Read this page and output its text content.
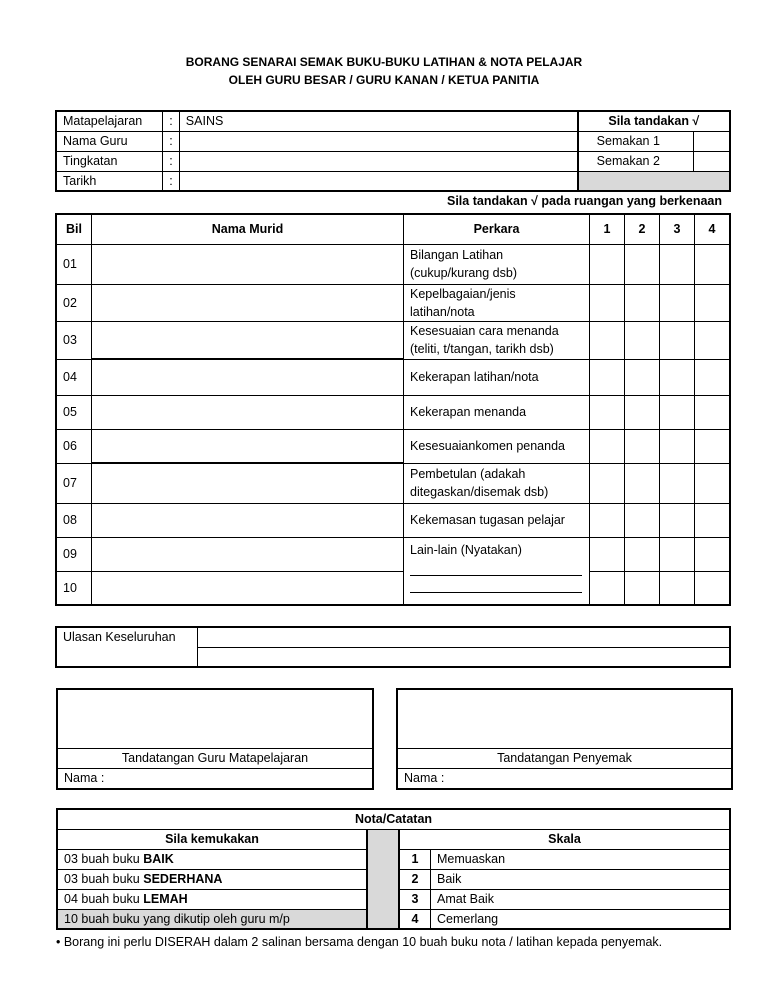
BORANG SENARAI SEMAK BUKU-BUKU LATIHAN & NOTA PELAJAR
OLEH GURU BESAR / GURU KANAN / KETUA PANITIA
Matapelajaran	:	SAINS	Sila tandakan √	
Nama Guru	:		Semakan 1	
Tingkatan	:		Semakan 2	
Tarikh	:			
Sila tandakan √ pada ruangan yang berkenaan
Bil	Nama Murid	Perkara	1	2	3	4
01		Bilangan Latihan
(cukup/kurang dsb)				

02		Kepelbagaian/jenis
latihan/nota				

03		Kesesuaian cara menanda
(teliti, t/tangan, tarikh dsb)				

04		Kekerapan latihan/nota				
05		Kekerapan menanda				
06		Kesesuaiankomen penanda				
07		Pembetulan (adakah
ditegaskan/disemak dsb)				

08		Kekemasan tugasan pelajar				
09		Lain-lain (Nyatakan)				

10						
Ulasan Keseluruhan	

Tandatangan Guru Matapelajaran
Nama :
Tandatangan Penyemak
Nama :
Nota/Catatan			
Sila kemukakan		Skala	
03 buah buku BAIK		1	Memuaskan
03 buah buku SEDERHANA		2	Baik
04 buah buku LEMAH		3	Amat Baik
10 buah buku yang dikutip oleh guru m/p		4	Cemerlang
• Borang ini perlu DISERAH dalam 2 salinan bersama dengan 10 buah buku nota / latihan kepada penyemak.
